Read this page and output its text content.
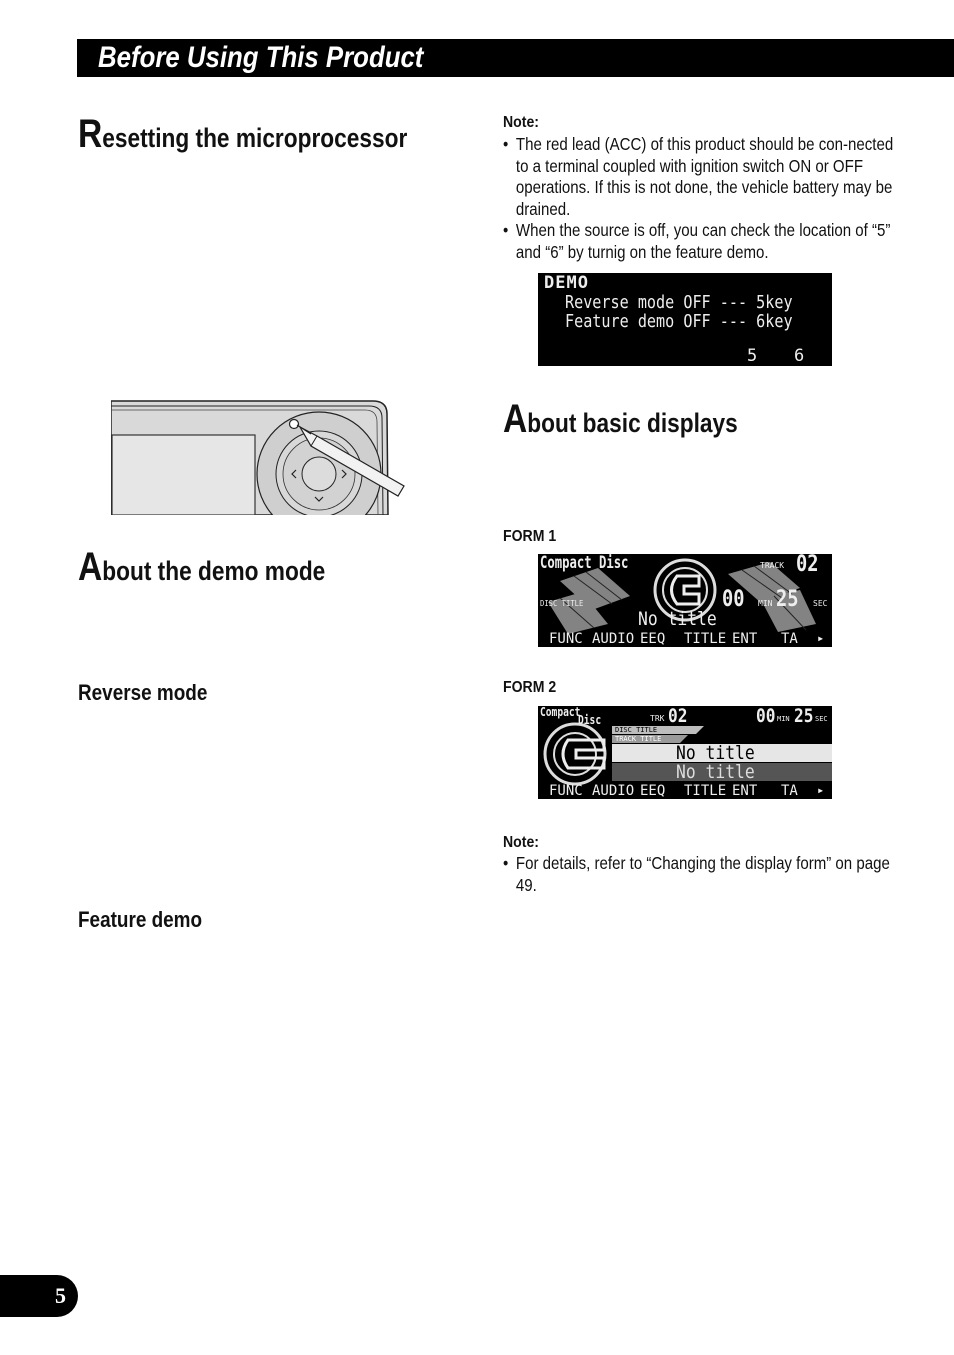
Before Using This Product
Resetting the microprocessor
About the demo mode
Reverse mode
Feature demo
Note:
• The red lead (ACC) of this product should be con-nected to a terminal coupled with ignition switch ON or OFF operations. If this is not done, the vehicle battery may be drained.
• When the source is off, you can check the location of “5” and “6” by turnig on the feature demo.
DEMO
Reverse mode OFF --- 5key
Feature demo OFF --- 6key
5 6
About basic displays
FORM 1
Compact Disc	TRACK 02
DISC TITLE	00 MIN 25 SEC
No title
FUNC AUDIO EEQ TITLE ENT TA ▸
FORM 2
Compact
Disc	TRK 02	00 MIN 25 SEC
DISC TITLE
TRACK TITLE
No title
No title
FUNC AUDIO EEQ TITLE ENT TA ▸
Note:
• For details, refer to “Changing the display form” on page 49.
5
